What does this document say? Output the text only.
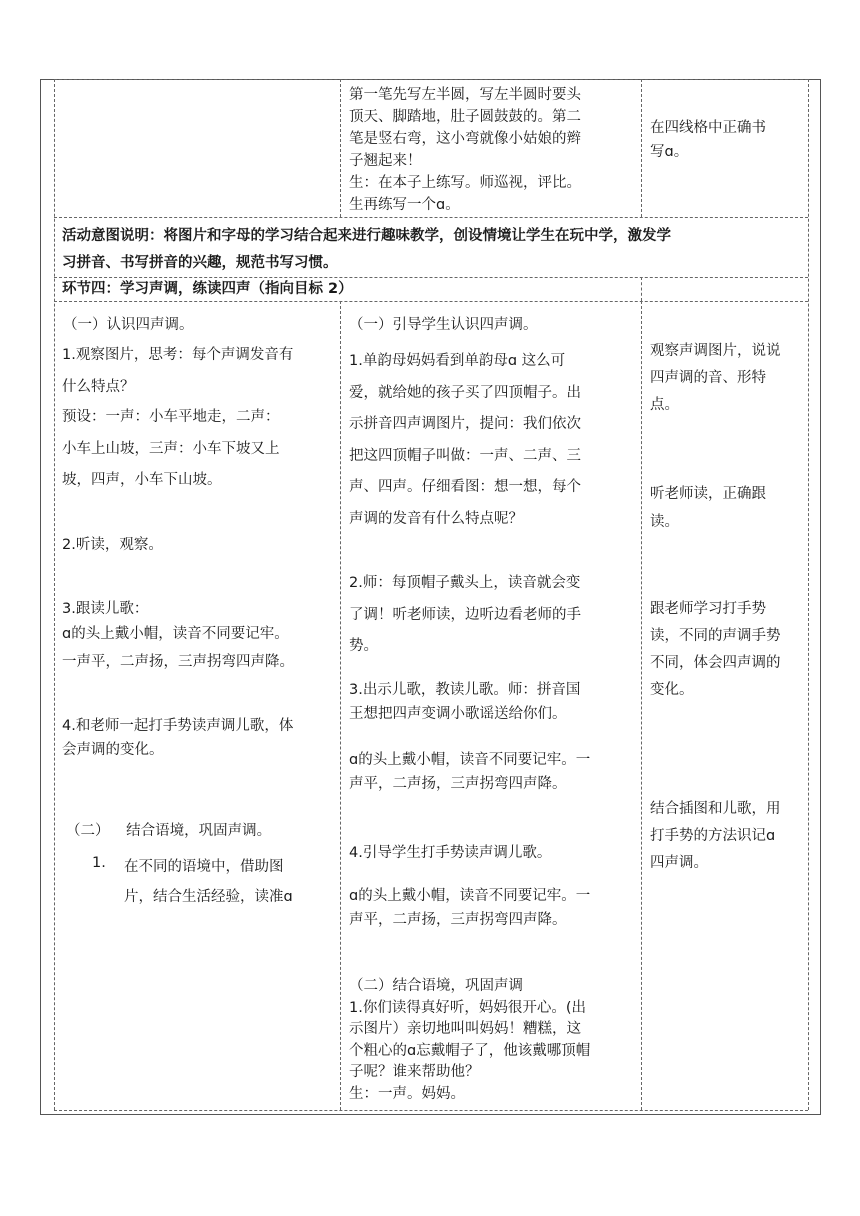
第一笔先写左半圆，写左半圆时要头

顶天、脚踏地，肚子圆鼓鼓的。第二

笔是竖右弯，这小弯就像小姑娘的辫

子翘起来！

生：在本子上练写。师巡视，评比。

生再练写一个ɑ。

在四线格中正确书

写ɑ。

活动意图说明：将图片和字母的学习结合起来进行趣味教学，创设情境让学生在玩中学，激发学

习拼音、书写拼音的兴趣，规范书写习惯。

环节四：学习声调，练读四声（指向目标 2）

（一）认识四声调。

1.观察图片，思考：每个声调发音有

什么特点？

预设：一声：小车平地走，二声：

小车上山坡，三声：小车下坡又上

坡，四声，小车下山坡。

2.听读，观察。

3.跟读儿歌：

ɑ的头上戴小帽，读音不同要记牢。

一声平，二声扬，三声拐弯四声降。

4.和老师一起打手势读声调儿歌，体

会声调的变化。

（二） 结合语境，巩固声调。

1. 在不同的语境中，借助图

片，结合生活经验，读准ɑ

（一）引导学生认识四声调。

1.单韵母妈妈看到单韵母ɑ 这么可

爱，就给她的孩子买了四顶帽子。出

示拼音四声调图片，提问：我们依次

把这四顶帽子叫做：一声、二声、三

声、四声。仔细看图：想一想，每个

声调的发音有什么特点呢？

2.师：每顶帽子戴头上，读音就会变

了调！听老师读，边听边看老师的手

势。

3.出示儿歌，教读儿歌。师：拼音国

王想把四声变调小歌谣送给你们。

ɑ的头上戴小帽，读音不同要记牢。一

声平，二声扬，三声拐弯四声降。

4.引导学生打手势读声调儿歌。

ɑ的头上戴小帽，读音不同要记牢。一

声平，二声扬，三声拐弯四声降。

（二）结合语境，巩固声调

1.你们读得真好听，妈妈很开心。(出

示图片）亲切地叫叫妈妈！糟糕，这

个粗心的ɑ忘戴帽子了，他该戴哪顶帽

子呢？谁来帮助他？

生：一声。妈妈。

观察声调图片，说说

四声调的音、形特

点。

听老师读，正确跟

读。

跟老师学习打手势

读，不同的声调手势

不同，体会四声调的

变化。

结合插图和儿歌，用

打手势的方法识记ɑ

四声调。
